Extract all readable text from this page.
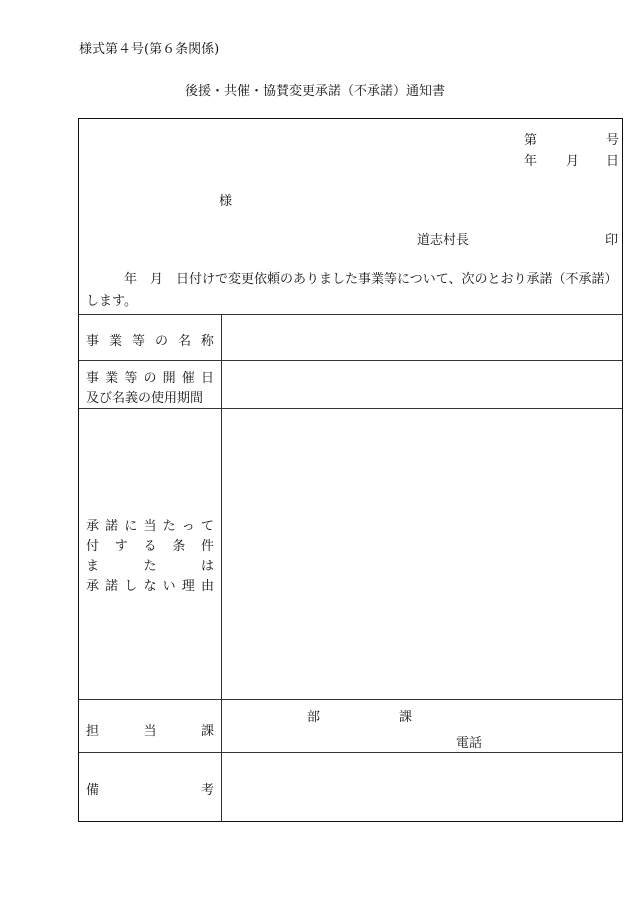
様式第４号(第６条関係)
後援・共催・協賛変更承諾（不承諾）通知書
第	号
年 月 日
様
道志村長	印
年　月　日付けで変更依頼のありました事業等について、次のとおり承諾（不承諾）
します。
事 業 等 の 名 称
事 業 等 の 開 催 日
及び名義の使用期間
承 諾 に 当 た っ て
付 す る 条 件
ま	た	は
承 諾 し な い 理 由
担	当	課
部	課
電話
備	考
